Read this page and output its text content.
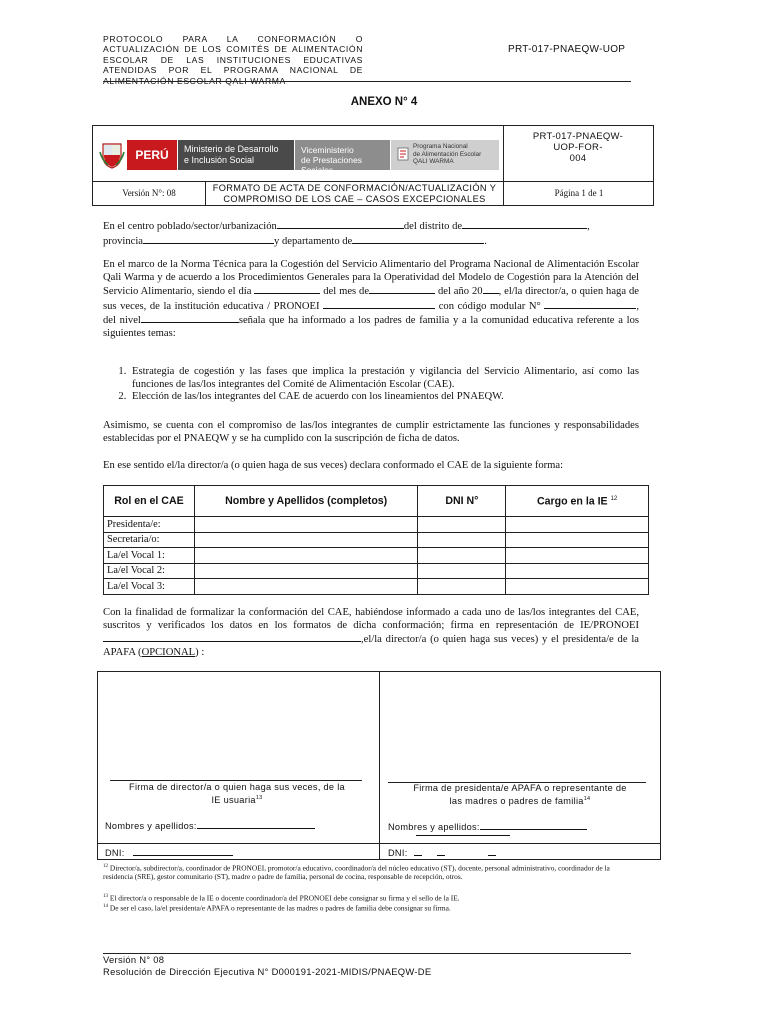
PROTOCOLO PARA LA CONFORMACIÓN O ACTUALIZACIÓN DE LOS COMITÉS DE ALIMENTACIÓN ESCOLAR DE LAS INSTITUCIONES EDUCATIVAS ATENDIDAS POR EL PROGRAMA NACIONAL DE ALIMENTACIÓN ESCOLAR QALI WARMA
PRT-017-PNAEQW-UOP
ANEXO N° 4
PERÚ	Ministerio de Desarrollo
e Inclusión Social
Viceministerio
de Prestaciones Sociales
Programa Nacional
de Alimentación Escolar
QALI WARMA
PRT-017-PNAEQW-
UOP-FOR-
004
Versión N°: 08	FORMATO DE ACTA DE CONFORMACIÓN/ACTUALIZACIÓN Y
COMPROMISO DE LOS CAE – CASOS EXCEPCIONALES
Página 1 de 1
En el centro poblado/sector/urbanización	del distrito de	,
provincia	y departamento de	.
En el marco de la Norma Técnica para la Cogestión del Servicio Alimentario del Programa Nacional de Alimentación Escolar Qali Warma y de acuerdo a los Procedimientos Generales para la Operatividad del Modelo de Cogestión para la Atención del Servicio Alimentario, siendo el día	del mes de	del año 20 , el/la director/a, o quien haga de sus veces, de la institución educativa / PRONOEI	con código modular N°	, del nivel	señala que ha informado a los padres de familia y a la comunidad educativa referente a los siguientes temas:
1. Estrategia de cogestión y las fases que implica la prestación y vigilancia del Servicio Alimentario, así como las funciones de las/los integrantes del Comité de Alimentación Escolar (CAE).
2. Elección de las/los integrantes del CAE de acuerdo con los lineamientos del PNAEQW.
Asimismo, se cuenta con el compromiso de las/los integrantes de cumplir estrictamente las funciones y responsabilidades establecidas por el PNAEQW y se ha cumplido con la suscripción de ficha de datos.
En ese sentido el/la director/a (o quien haga de sus veces) declara conformado el CAE de la siguiente forma:
Rol en el CAE	Nombre y Apellidos (completos)	DNI N°	Cargo en la IE $^{12}$
Presidenta/e:			
Secretaria/o:			
La/el Vocal 1:			
La/el Vocal 2:			
La/el Vocal 3:			
Con la finalidad de formalizar la conformación del CAE, habiéndose informado a cada uno de las/los integrantes del CAE, suscritos y verificados los datos en los formatos de dicha conformación; firma en representación de IE/PRONOEI,el/la director/a (o quien haga sus veces) y el presidenta/e de la APAFA (OPCIONAL) :
Firma de director/a o quien haga sus veces, de la
IE usuaria$^{13}$
Nombres y apellidos:
Firma de presidenta/e APAFA o representante de
las madres o padres de familia$^{14}$
Nombres y apellidos:
DNI:	DNI:
$^{12}$ Director/a, subdirector/a, coordinador de PRONOEI, promotor/a educativo, coordinador/a del núcleo educativo (ST), docente, personal administrativo, coordinador de la residencia (SRE), gestor comunitario (ST), madre o padre de familia, personal de cocina, responsable de recepción, otros.
$^{13}$ El director/a o responsable de la IE o docente coordinador/a del PRONOEI debe consignar su firma y el sello de la IE.
$^{14}$ De ser el caso, la/el presidenta/e APAFA o representante de las madres o padres de familia debe consignar su firma.
Versión N° 08
Resolución de Dirección Ejecutiva N° D000191-2021-MIDIS/PNAEQW-DE
